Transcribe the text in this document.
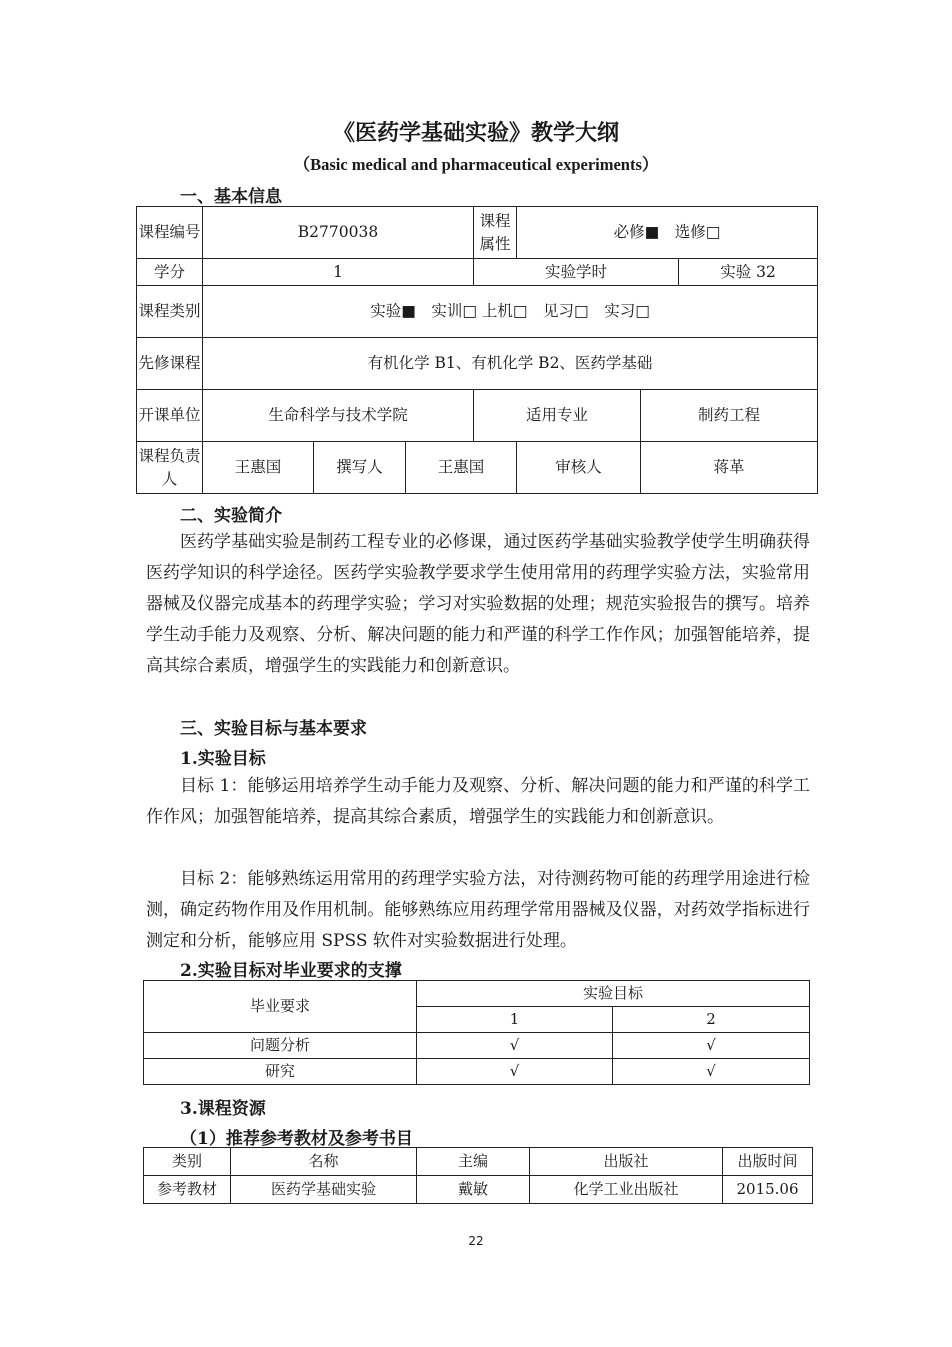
《医药学基础实验》教学大纲
（Basic medical and pharmaceutical experiments）
一、基本信息
课程编号	B2770038			课程属性	必修■　选修□		
学分	1			实验学时			实验 32
课程类别	实验■　实训□ 上机□　见习□　实习□						
先修课程	有机化学 B1、有机化学 B2、医药学基础						
开课单位	生命科学与技术学院			适用专业		制药工程	
课程负责人	王惠国	撰写人	王惠国		审核人	蒋革	
二、实验简介

医药学基础实验是制药工程专业的必修课，通过医药学基础实验教学使学生明确获得医药学知识的科学途径。医药学实验教学要求学生使用常用的药理学实验方法，实验常用器械及仪器完成基本的药理学实验；学习对实验数据的处理；规范实验报告的撰写。培养学生动手能力及观察、分析、解决问题的能力和严谨的科学工作作风；加强智能培养，提高其综合素质，增强学生的实践能力和创新意识。

三、实验目标与基本要求
1.实验目标

目标 1：能够运用培养学生动手能力及观察、分析、解决问题的能力和严谨的科学工作作风；加强智能培养，提高其综合素质，增强学生的实践能力和创新意识。

目标 2：能够熟练运用常用的药理学实验方法，对待测药物可能的药理学用途进行检测，确定药物作用及作用机制。能够熟练应用药理学常用器械及仪器，对药效学指标进行测定和分析，能够应用 SPSS 软件对实验数据进行处理。

2.实验目标对毕业要求的支撑
毕业要求	实验目标	
	1	2
问题分析	√	√
研究	√	√
3.课程资源
（1）推荐参考教材及参考书目
类别	名称	主编	出版社	出版时间
参考教材	医药学基础实验	戴敏	化学工业出版社	2015.06
22
